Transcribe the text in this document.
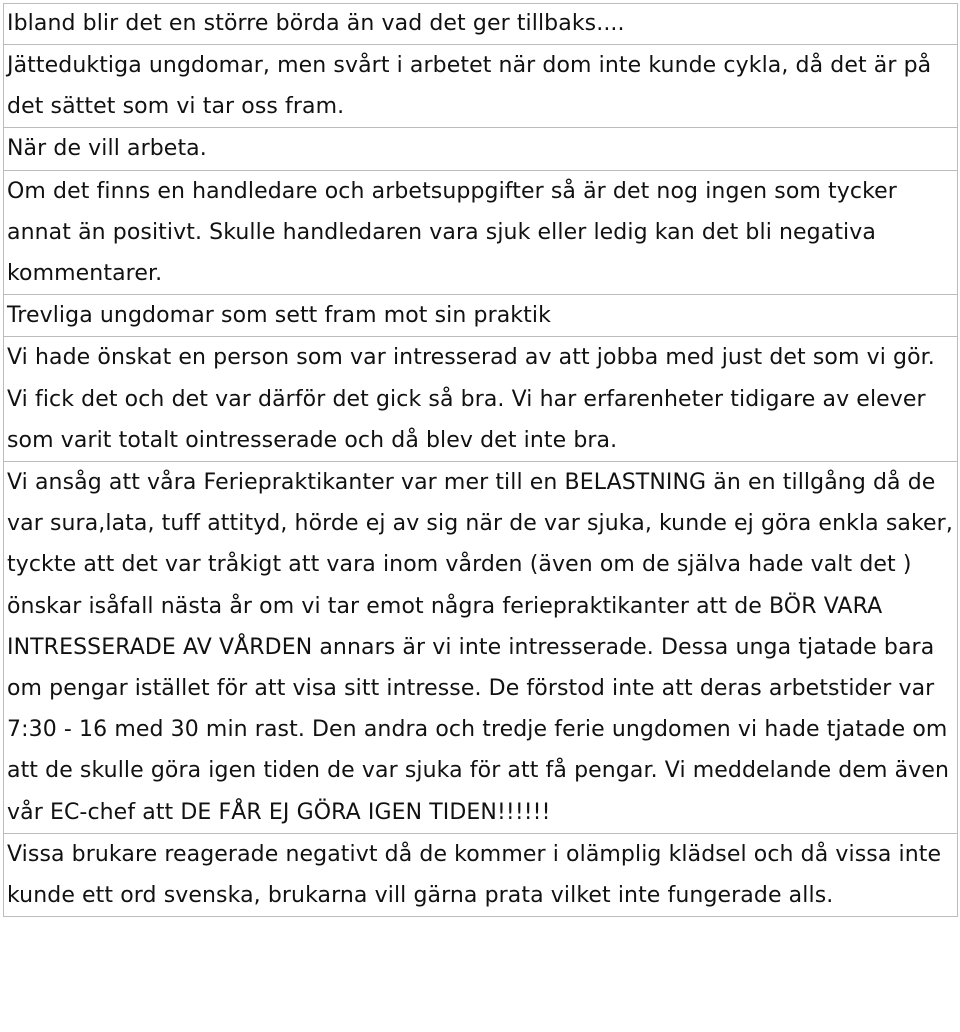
Ibland blir det en större börda än vad det ger tillbaks....
Jätteduktiga ungdomar, men svårt i arbetet när dom inte kunde cykla, då det är på det sättet som vi tar oss fram.
När de vill arbeta.
Om det finns en handledare och arbetsuppgifter så är det nog ingen som tycker annat än positivt. Skulle handledaren vara sjuk eller ledig kan det bli negativa kommentarer.
Trevliga ungdomar som sett fram mot sin praktik
Vi hade önskat en person som var intresserad av att jobba med just det som vi gör. Vi fick det och det var därför det gick så bra. Vi har erfarenheter tidigare av elever som varit totalt ointresserade och då blev det inte bra.
Vi ansåg att våra Feriepraktikanter var mer till en BELASTNING än en tillgång då de var sura,lata, tuff attityd, hörde ej av sig när de var sjuka, kunde ej göra enkla saker, tyckte att det var tråkigt att vara inom vården (även om de själva hade valt det ) önskar isåfall nästa år om vi tar emot några feriepraktikanter att de BÖR VARA INTRESSERADE AV VÅRDEN annars är vi inte intresserade. Dessa unga tjatade bara om pengar istället för att visa sitt intresse. De förstod inte att deras arbetstider var 7:30 - 16 med 30 min rast. Den andra och tredje ferie ungdomen vi hade tjatade om att de skulle göra igen tiden de var sjuka för att få pengar. Vi meddelande dem även vår EC-chef att DE FÅR EJ GÖRA IGEN TIDEN!!!!!!
Vissa brukare reagerade negativt då de kommer i olämplig klädsel och då vissa inte kunde ett ord svenska, brukarna vill gärna prata vilket inte fungerade alls.
